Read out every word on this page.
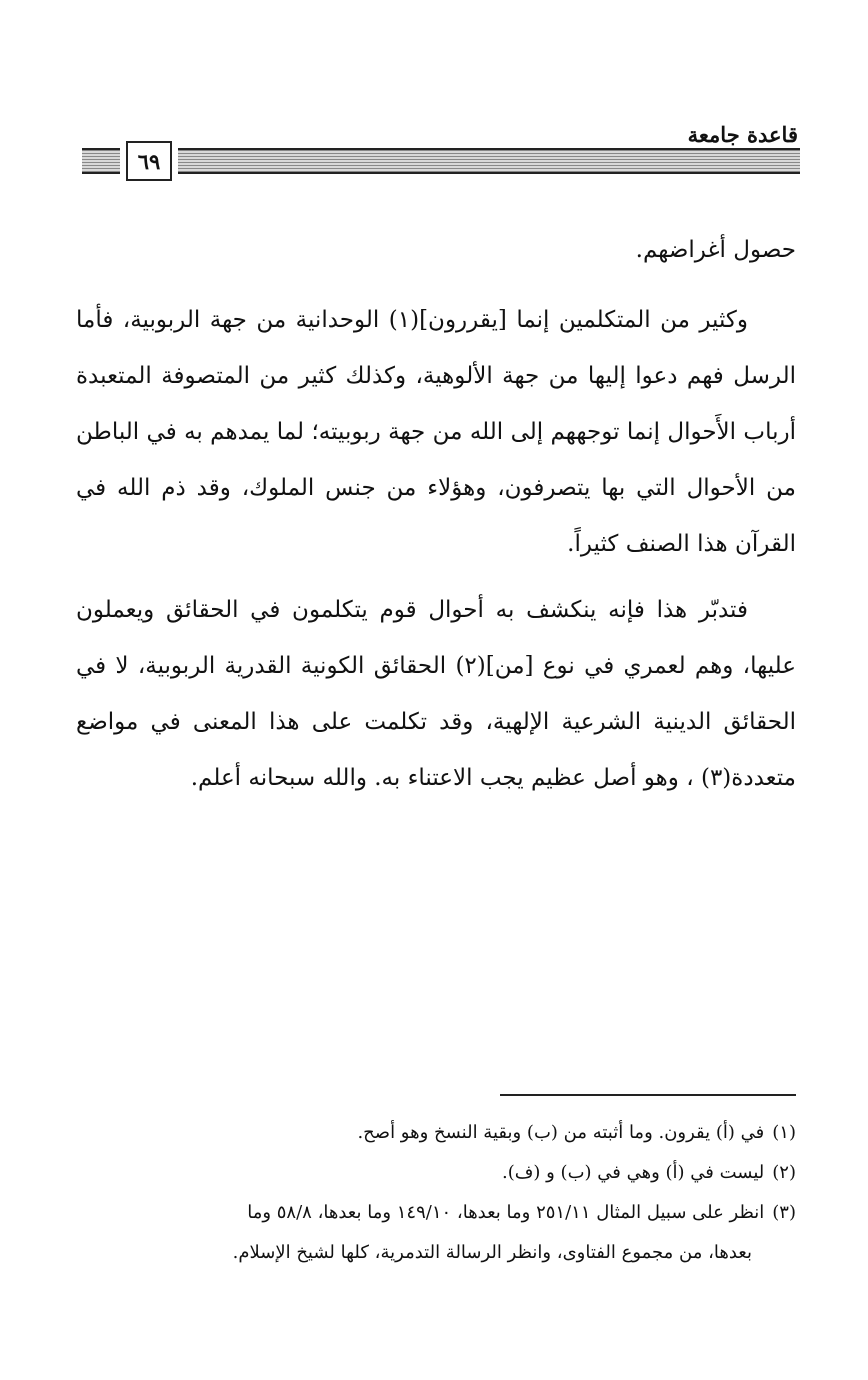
قاعدة جامعة
٦٩

حصول أغراضهم.

وكثير من المتكلمين إنما [يقررون](١) الوحدانية من جهة الربوبية، فأما الرسل فهم دعوا إليها من جهة الألوهية، وكذلك كثير من المتصوفة المتعبدة أرباب الأَحوال إنما توجههم إلى الله من جهة ربوبيته؛ لما يمدهم به في الباطن من الأحوال التي بها يتصرفون، وهؤلاء من جنس الملوك، وقد ذم الله في القرآن هذا الصنف كثيراً.

فتدبّر هذا فإنه ينكشف به أحوال قوم يتكلمون في الحقائق ويعملون عليها، وهم لعمري في نوع [من](٢) الحقائق الكونية القدرية الربوبية، لا في الحقائق الدينية الشرعية الإلهية، وقد تكلمت على هذا المعنى في مواضع متعددة(٣) ، وهو أصل عظيم يجب الاعتناء به. والله سبحانه أعلم.

(١)في (أ) يقرون. وما أثبته من (ب) وبقية النسخ وهو أصح.

(٢)ليست في (أ) وهي في (ب) و (ف).

(٣)انظر على سبيل المثال ٢٥١/١١ وما بعدها، ١٤٩/١٠ وما بعدها، ٥٨/٨ وما

بعدها، من مجموع الفتاوى، وانظر الرسالة التدمرية، كلها لشيخ الإسلام.
